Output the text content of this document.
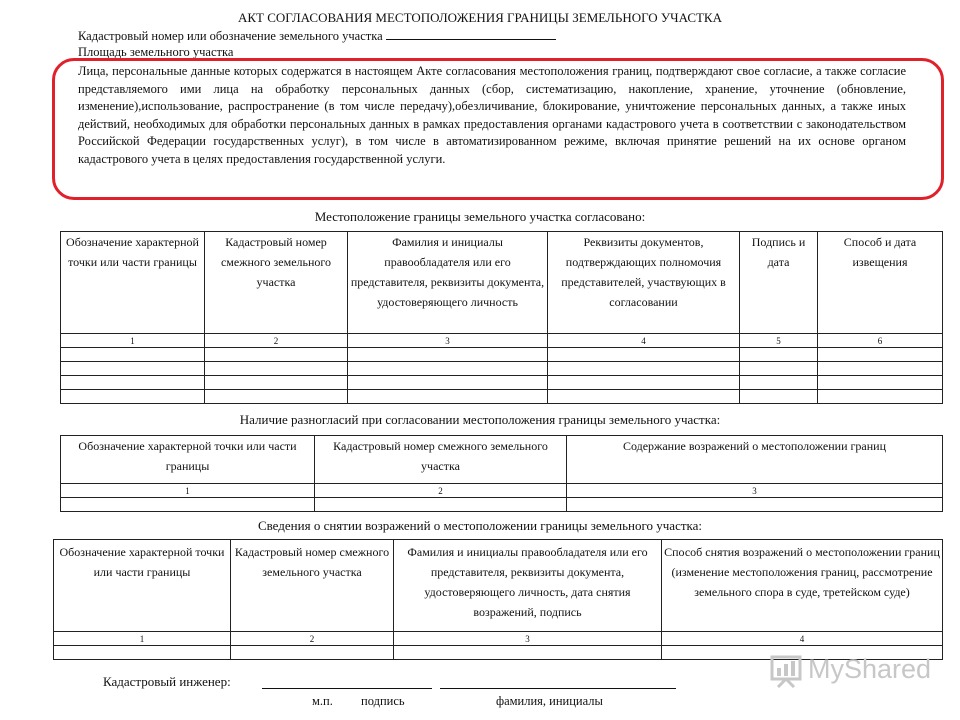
АКТ СОГЛАСОВАНИЯ МЕСТОПОЛОЖЕНИЯ ГРАНИЦЫ ЗЕМЕЛЬНОГО УЧАСТКА
Кадастровый номер или обозначение земельного участка
Площадь земельного участка
Лица, персональные данные которых содержатся в настоящем Акте согласования местоположения границ, подтверждают свое согласие, а также согласие представляемого ими лица на обработку персональных данных (сбор, систематизацию, накопление, хранение, уточнение (обновление, изменение),использование, распространение (в том числе передачу),обезличивание, блокирование, уничтожение персональных данных, а также иных действий, необходимых для обработки персональных данных в рамках предоставления органами кадастрового учета в соответствии с законодательством Российской Федерации государственных услуг), в том числе в автоматизированном режиме, включая принятие решений на их основе органом кадастрового учета в целях предоставления государственной услуги.
Местоположение границы земельного участка согласовано:
Обозначение характерной точки или части границы	Кадастровый номер смежного земельного участка	Фамилия и инициалы правообладателя или его представителя, реквизиты документа, удостоверяющего личность	Реквизиты документов, подтверждающих полномочия представителей, участвующих в согласовании	Подпись и дата	Способ и дата извещения
1	2	3	4	5	6

Наличие разногласий при согласовании местоположения границы земельного участка:
Обозначение характерной точки или части границы	Кадастровый номер смежного земельного участка	Содержание возражений о местоположении границ
1	2	3

Сведения о снятии возражений о местоположении границы земельного участка:
Обозначение характерной точки или части границы	Кадастровый номер смежного земельного участка	Фамилия и инициалы правообладателя или его представителя, реквизиты документа, удостоверяющего личность, дата снятия возражений, подпись	Способ снятия возражений о местоположении границ (изменение местоположения границ, рассмотрение земельного спора в суде, третейском суде)
1	2	3	4

Кадастровый инженер:
м.п. подпись	фамилия, инициалы
MyShared
